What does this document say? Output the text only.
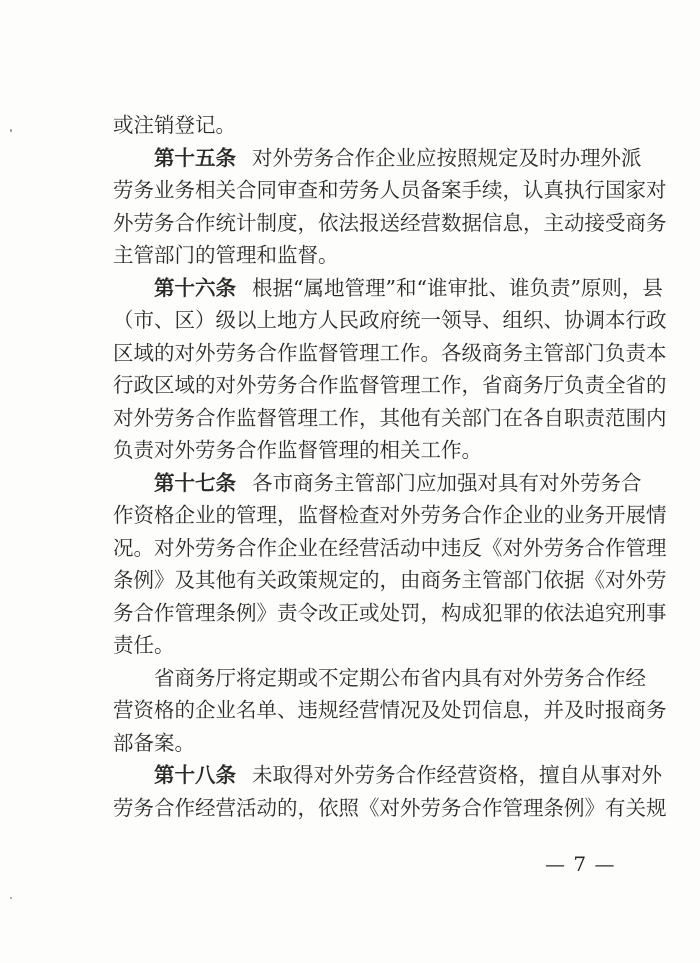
或注销登记。
第十五条 对外劳务合作企业应按照规定及时办理外派
劳务业务相关合同审查和劳务人员备案手续，认真执行国家对
外劳务合作统计制度，依法报送经营数据信息，主动接受商务
主管部门的管理和监督。
第十六条 根据“属地管理”和“谁审批、谁负责”原则，县
（市、区）级以上地方人民政府统一领导、组织、协调本行政
区域的对外劳务合作监督管理工作。各级商务主管部门负责本
行政区域的对外劳务合作监督管理工作，省商务厅负责全省的
对外劳务合作监督管理工作，其他有关部门在各自职责范围内
负责对外劳务合作监督管理的相关工作。
第十七条 各市商务主管部门应加强对具有对外劳务合
作资格企业的管理，监督检查对外劳务合作企业的业务开展情
况。对外劳务合作企业在经营活动中违反《对外劳务合作管理
条例》及其他有关政策规定的，由商务主管部门依据《对外劳
务合作管理条例》责令改正或处罚，构成犯罪的依法追究刑事
责任。
省商务厅将定期或不定期公布省内具有对外劳务合作经
营资格的企业名单、违规经营情况及处罚信息，并及时报商务
部备案。
第十八条 未取得对外劳务合作经营资格，擅自从事对外
劳务合作经营活动的，依照《对外劳务合作管理条例》有关规
— 7 —
